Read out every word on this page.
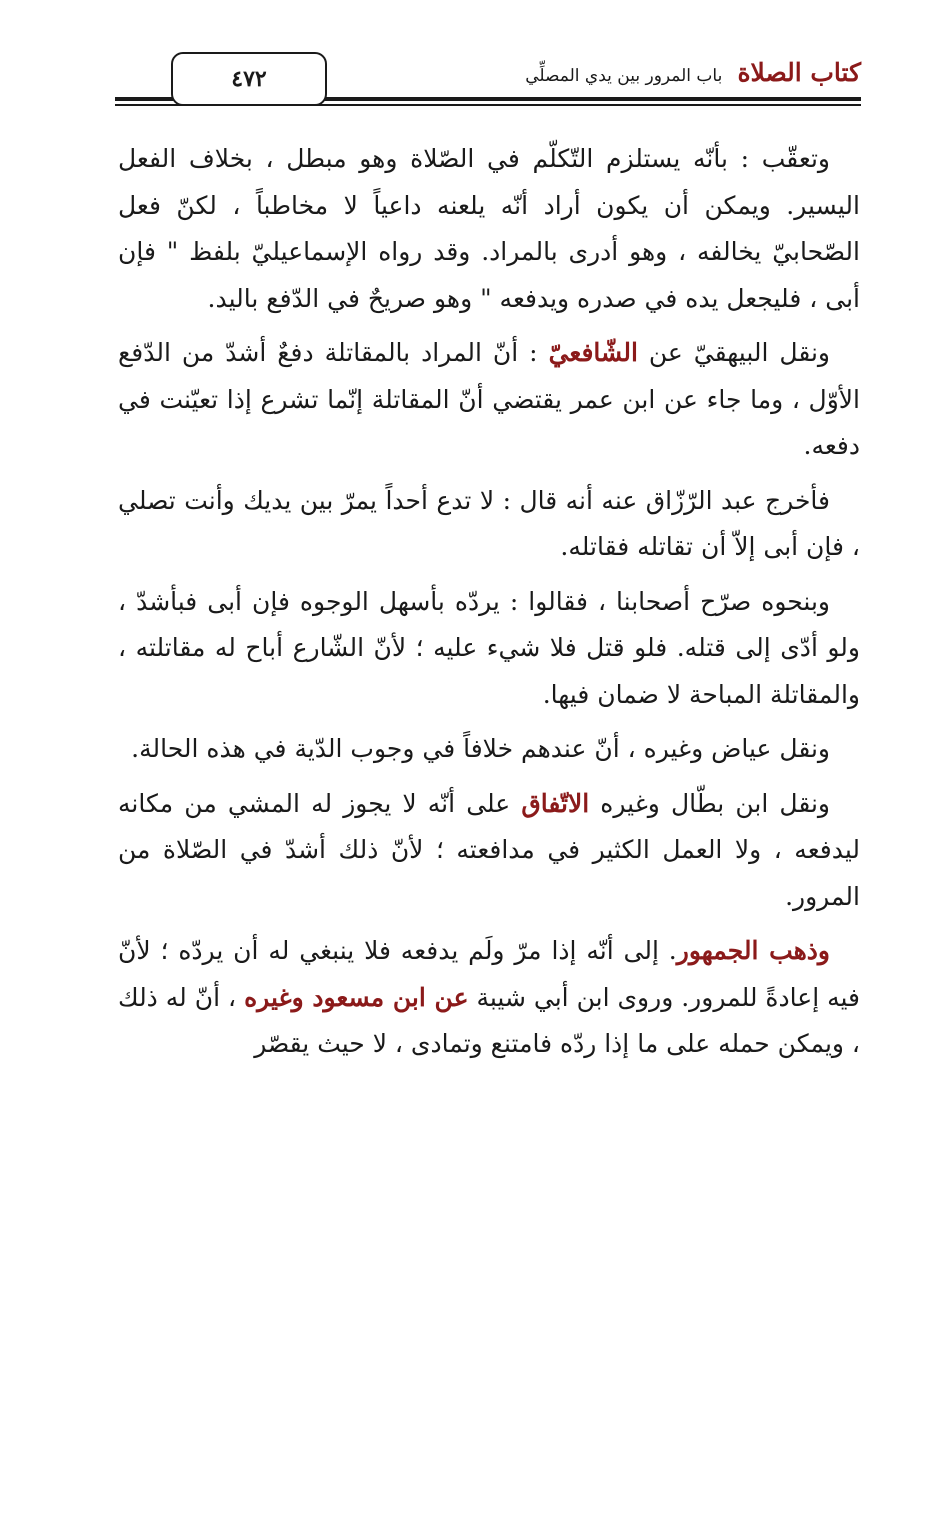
٤٧٢	كتاب الصلاة باب المرور بين يدي المصلِّي

وتعقّب : بأنّه يستلزم التّكلّم في الصّلاة وهو مبطل ، بخلاف الفعل اليسير. ويمكن أن يكون أراد أنّه يلعنه داعياً لا مخاطباً ، لكنّ فعل الصّحابيّ يخالفه ، وهو أدرى بالمراد. وقد رواه الإسماعيليّ بلفظ " فإن أبى ، فليجعل يده في صدره ويدفعه " وهو صريحٌ في الدّفع باليد.

ونقل البيهقيّ عن الشّافعيّ : أنّ المراد بالمقاتلة دفعٌ أشدّ من الدّفع الأوّل ، وما جاء عن ابن عمر يقتضي أنّ المقاتلة إنّما تشرع إذا تعيّنت في دفعه.

فأخرج عبد الرّزّاق عنه أنه قال : لا تدع أحداً يمرّ بين يديك وأنت تصلي ، فإن أبى إلاّ أن تقاتله فقاتله.

وبنحوه صرّح أصحابنا ، فقالوا : يردّه بأسهل الوجوه فإن أبى فبأشدّ ، ولو أدّى إلى قتله. فلو قتل فلا شيء عليه ؛ لأنّ الشّارع أباح له مقاتلته ، والمقاتلة المباحة لا ضمان فيها.

ونقل عياض وغيره ، أنّ عندهم خلافاً في وجوب الدّية في هذه الحالة.

ونقل ابن بطّال وغيره الاتّفاق على أنّه لا يجوز له المشي من مكانه ليدفعه ، ولا العمل الكثير في مدافعته ؛ لأنّ ذلك أشدّ في الصّلاة من المرور.

وذهب الجمهور. إلى أنّه إذا مرّ ولَم يدفعه فلا ينبغي له أن يردّه ؛ لأنّ فيه إعادةً للمرور. وروى ابن أبي شيبة عن ابن مسعود وغيره ، أنّ له ذلك ، ويمكن حمله على ما إذا ردّه فامتنع وتمادى ، لا حيث يقصّر
